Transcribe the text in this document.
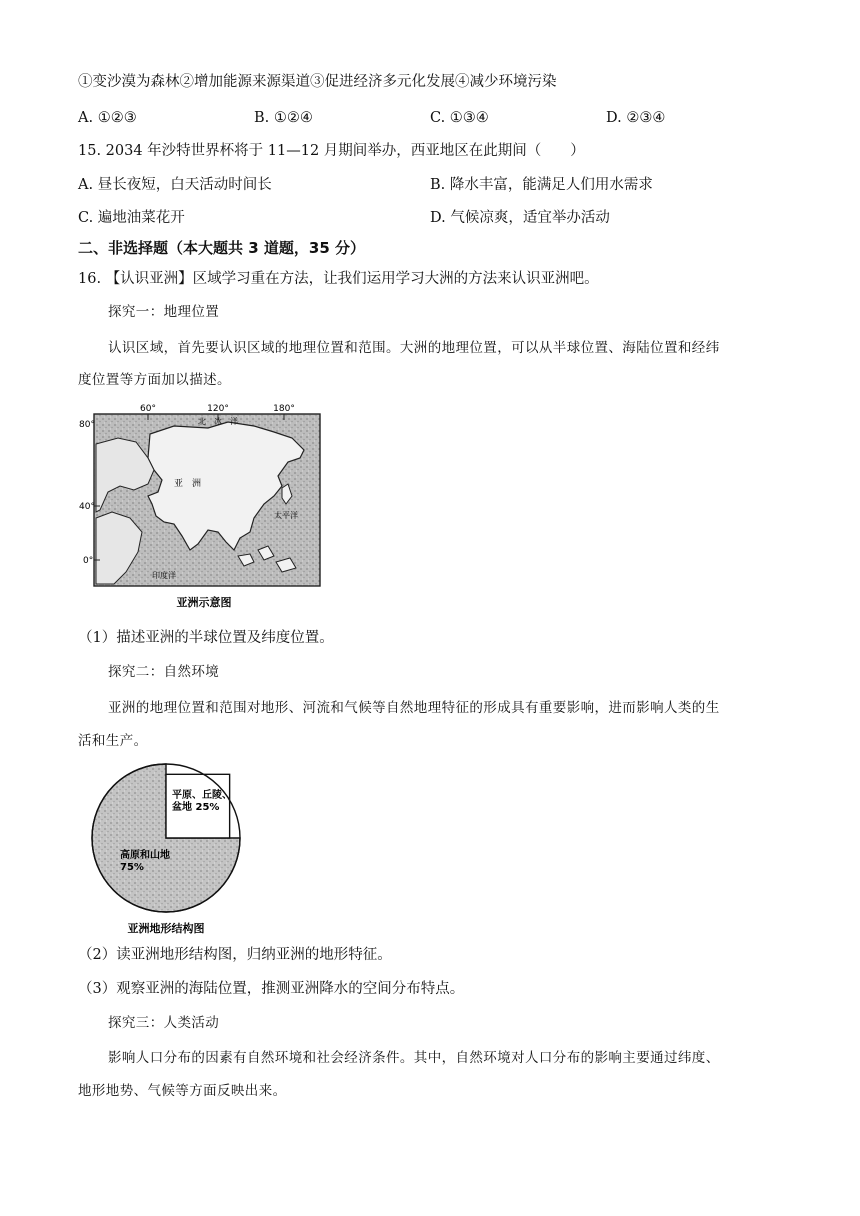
①变沙漠为森林②增加能源来源渠道③促进经济多元化发展④减少环境污染
A. ①②③	B. ①②④	C. ①③④	D. ②③④
15. 2034 年沙特世界杯将于 11—12 月期间举办，西亚地区在此期间（　　）
A. 昼长夜短，白天活动时间长	B. 降水丰富，能满足人们用水需求
C. 遍地油菜花开	D. 气候凉爽，适宜举办活动
二、非选择题（本大题共 3 道题，35 分）
16. 【认识亚洲】区域学习重在方法，让我们运用学习大洲的方法来认识亚洲吧。
探究一：地理位置
认识区域，首先要认识区域的地理位置和范围。大洲的地理位置，可以从半球位置、海陆位置和经纬
度位置等方面加以描述。
60°	120°	180°
80°
40°
0°
北　冰　洋
亚　洲
太平洋
印度洋
亚洲示意图
（1）描述亚洲的半球位置及纬度位置。
探究二：自然环境
亚洲的地理位置和范围对地形、河流和气候等自然地理特征的形成具有重要影响，进而影响人类的生
活和生产。
平原、丘陵、
盆地 25%
高原和山地
75%
亚洲地形结构图
（2）读亚洲地形结构图，归纳亚洲的地形特征。
（3）观察亚洲的海陆位置，推测亚洲降水的空间分布特点。
探究三：人类活动
影响人口分布的因素有自然环境和社会经济条件。其中，自然环境对人口分布的影响主要通过纬度、
地形地势、气候等方面反映出来。
